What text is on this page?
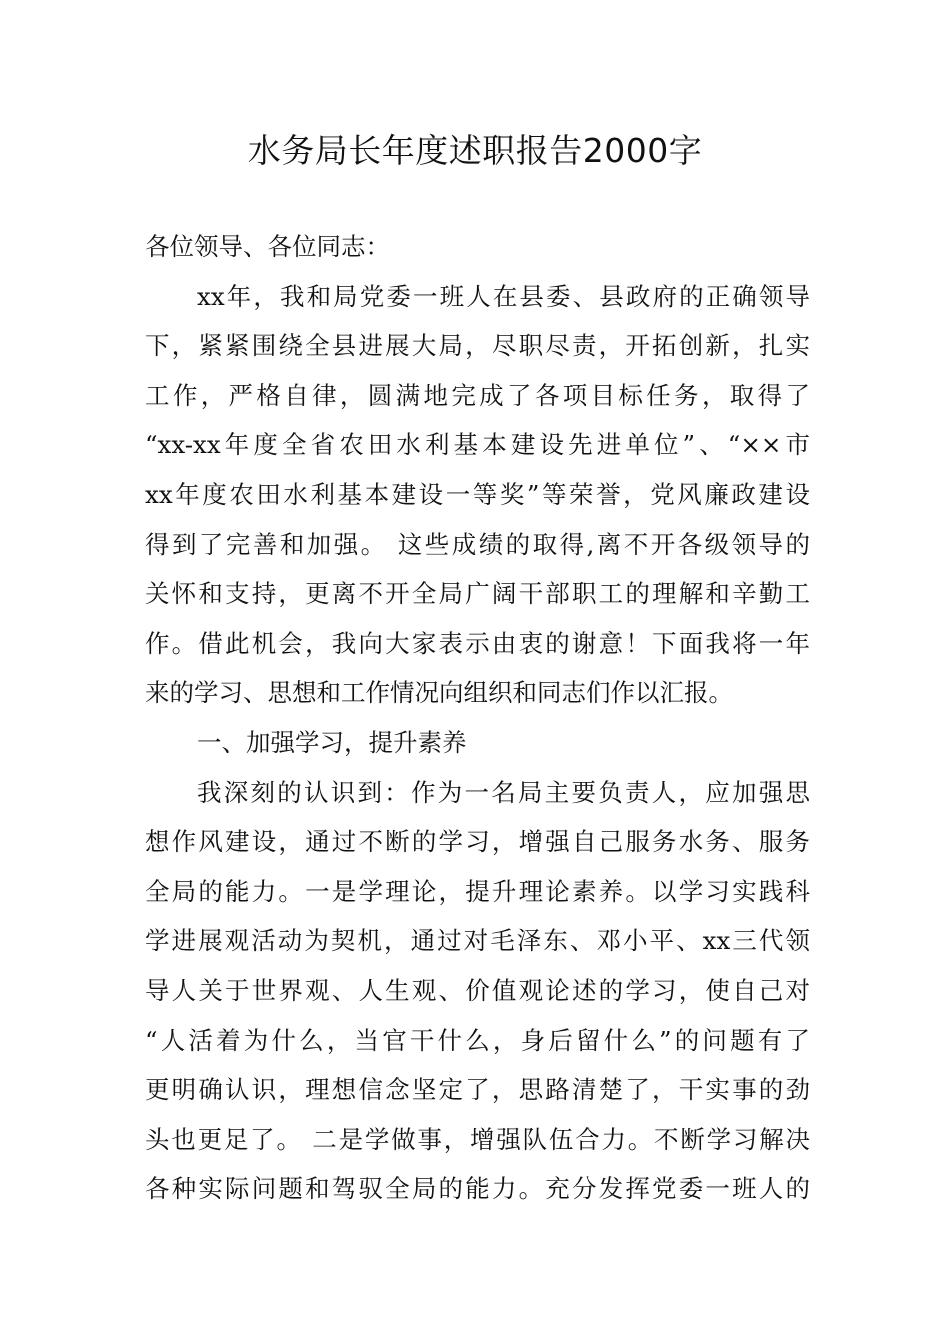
水务局长年度述职报告2000字
各位领导、各位同志：
xx年，我和局党委一班人在县委、县政府的正确领导
下，紧紧围绕全县进展大局，尽职尽责，开拓创新，扎实
工作，严格自律，圆满地完成了各项目标任务，取得了
“xx-xx年度全省农田水利基本建设先进单位”、“××市
xx年度农田水利基本建设一等奖”等荣誉，党风廉政建设
得到了完善和加强。 这些成绩的取得,离不开各级领导的
关怀和支持，更离不开全局广阔干部职工的理解和辛勤工
作。借此机会，我向大家表示由衷的谢意！下面我将一年
来的学习、思想和工作情况向组织和同志们作以汇报。
一、加强学习，提升素养
我深刻的认识到：作为一名局主要负责人，应加强思
想作风建设，通过不断的学习，增强自己服务水务、服务
全局的能力。一是学理论，提升理论素养。以学习实践科
学进展观活动为契机，通过对毛泽东、邓小平、xx三代领
导人关于世界观、人生观、价值观论述的学习，使自己对
“人活着为什么，当官干什么，身后留什么”的问题有了
更明确认识，理想信念坚定了，思路清楚了，干实事的劲
头也更足了。 二是学做事，增强队伍合力。不断学习解决
各种实际问题和驾驭全局的能力。充分发挥党委一班人的
